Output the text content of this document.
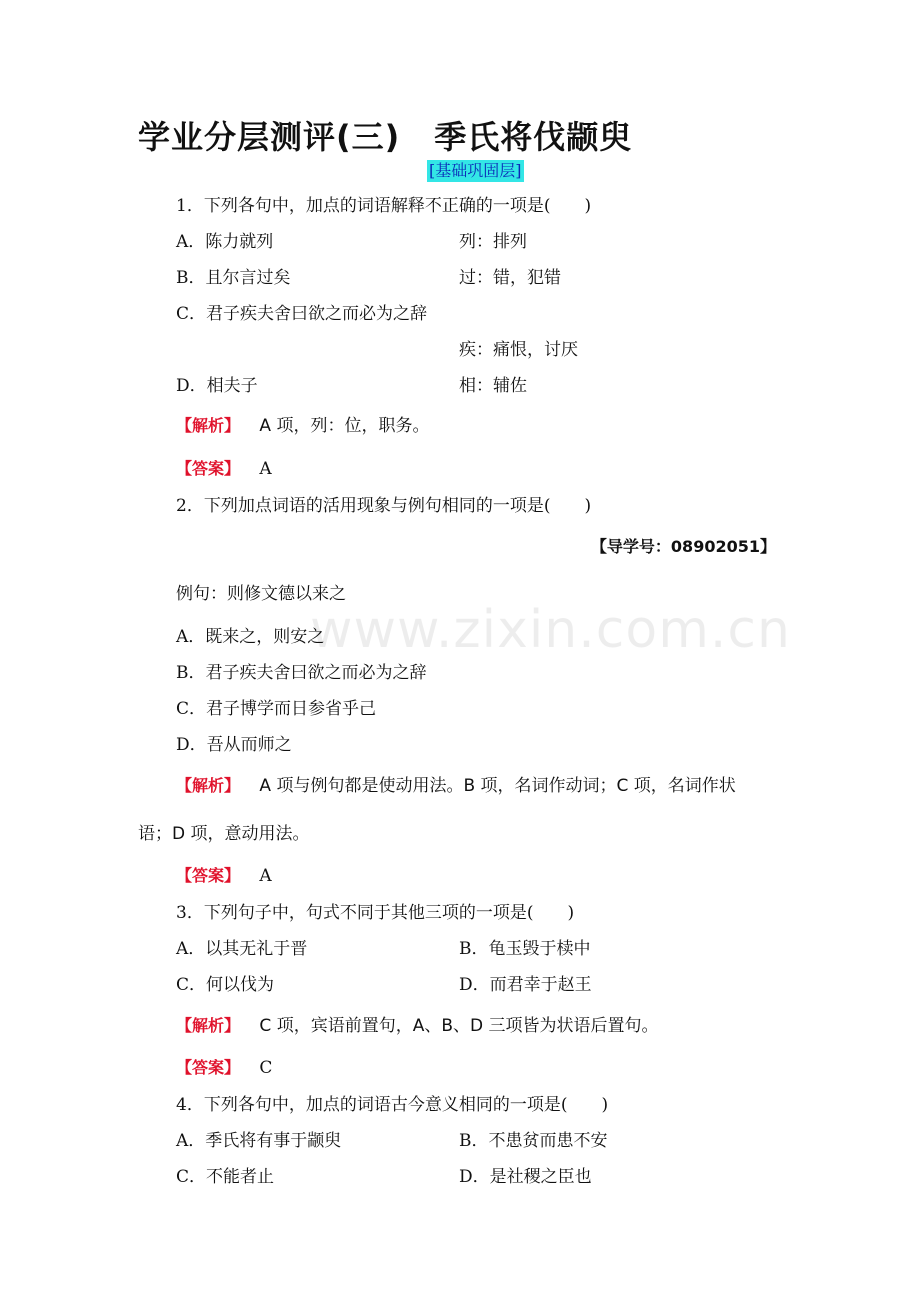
www.zixin.com.cn
学业分层测评(三) 季氏将伐颛臾
[基础巩固层]
1．下列各句中，加点的词语解释不正确的一项是(　　)
A．陈力就列	列：排列
B．且尔言过矣	过：错，犯错
C．君子疾夫舍曰欲之而必为之辞
疾：痛恨，讨厌
D．相夫子	相：辅佐
【解析】 A 项，列：位，职务。
【答案】 A
2．下列加点词语的活用现象与例句相同的一项是(　　)
【导学号：08902051】
例句：则修文德以来之
A．既来之，则安之
B．君子疾夫舍曰欲之而必为之辞
C．君子博学而日参省乎己
D．吾从而师之
【解析】 A 项与例句都是使动用法。B 项，名词作动词；C 项，名词作状
语；D 项，意动用法。
【答案】 A
3．下列句子中，句式不同于其他三项的一项是(　　)
A．以其无礼于晋	B．龟玉毁于椟中
C．何以伐为	D．而君幸于赵王
【解析】 C 项，宾语前置句，A、B、D 三项皆为状语后置句。
【答案】 C
4．下列各句中，加点的词语古今意义相同的一项是(　　)
A．季氏将有事于颛臾	B．不患贫而患不安
C．不能者止	D．是社稷之臣也
